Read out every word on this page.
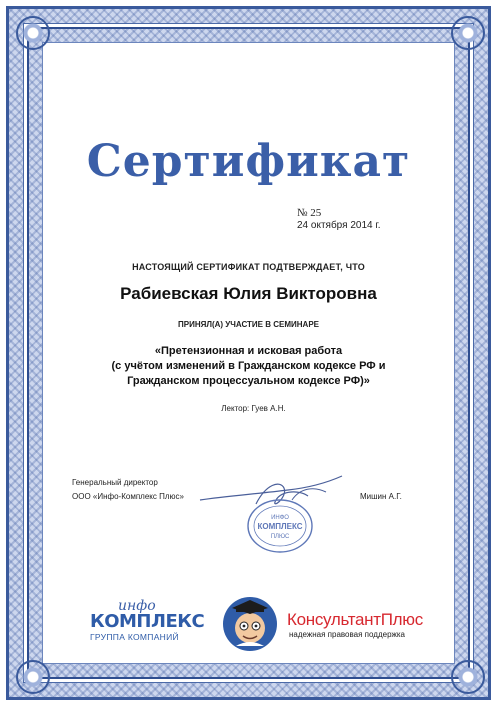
Сертификат
№ 25
24 октября 2014 г.
НАСТОЯЩИЙ СЕРТИФИКАТ ПОДТВЕРЖДАЕТ, ЧТО
Рабиевская Юлия Викторовна
ПРИНЯЛ(А) УЧАСТИЕ В СЕМИНАРЕ
«Претензионная и исковая работа
(с учётом изменений в Гражданском кодексе РФ и
Гражданском процессуальном кодексе РФ)»
Лектор: Гуев А.Н.
Генеральный директор
ООО «Инфо-Комплекс Плюс»	Мишин А.Г.
ИНФО
КОМПЛЕКС
ПЛЮС
инфо
КОМПЛЕКС
ГРУППА КОМПАНИЙ
КонсультантПлюс
надежная правовая поддержка
